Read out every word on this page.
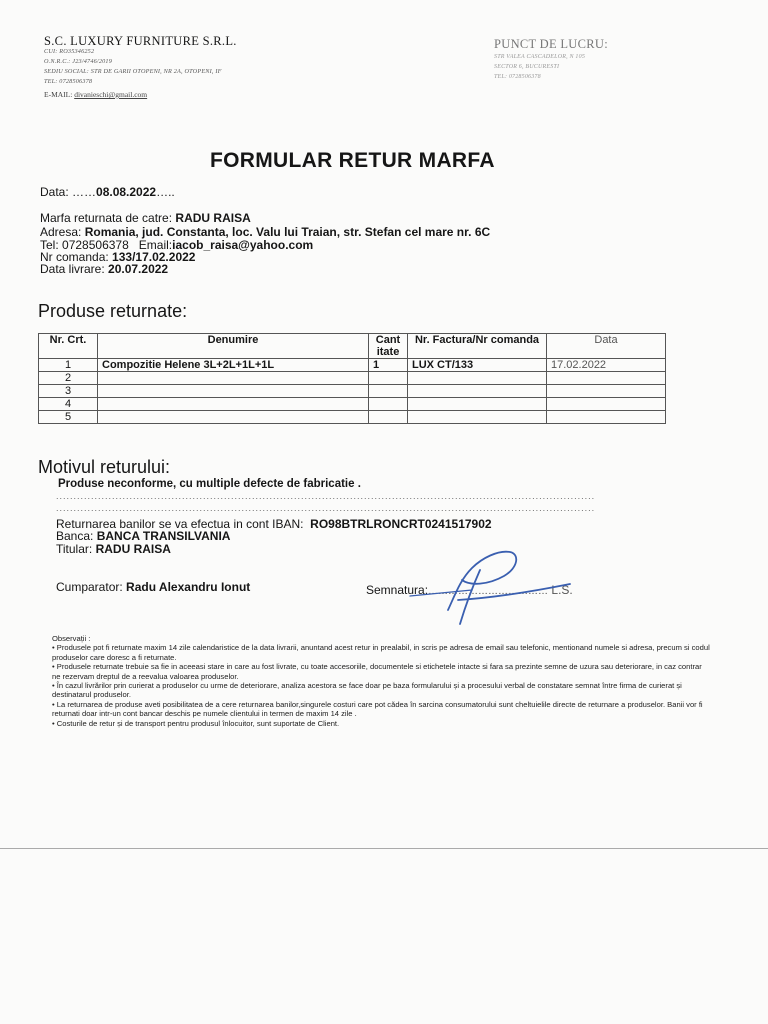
S.C. LUXURY FURNITURE S.R.L.
CUI: RO35346252
O.N.R.C.: J23/4746/2019
SEDIU SOCIAL: STR DE GARII OTOPENI, NR 2A, OTOPENI, IF
TEL: 0728506378
E-MAIL: divanieschi@gmail.com
PUNCT DE LUCRU:
STR VALEA CASCADELOR, N 105
SECTOR 6, BUCURESTI
TEL: 0728506378
FORMULAR RETUR MARFA
Data: ……08.08.2022…..
Marfa returnata de catre: RADU RAISA
Adresa: Romania, jud. Constanta, loc. Valu lui Traian, str. Stefan cel mare nr. 6C
Tel: 0728506378 Email:iacob_raisa@yahoo.com
Nr comanda: 133/17.02.2022
Data livrare: 20.07.2022
Produse returnate:
Nr. Crt.	Denumire	Cant itate	Nr. Factura/Nr comanda	Data
1	Compozitie Helene 3L+2L+1L+1L	1	LUX CT/133	17.02.2022
2				
3				
4				
5				
Motivul returului:
Produse neconforme, cu multiple defecte de fabricatie .
..........................................................................................................................................................
..........................................................................................................................................................
Returnarea banilor se va efectua in cont IBAN: RO98BTRLRONCRT0241517902
Banca: BANCA TRANSILVANIA
Titular: RADU RAISA
Cumparator: Radu Alexandru Ionut	Semnatura:……………………………… L.S.

Observații :

• Produsele pot fi returnate maxim 14 zile calendaristice de la data livrarii, anuntand acest retur in prealabil, in scris pe adresa de email sau telefonic, mentionand numele si adresa, precum si codul produselor care doresc a fi returnate.

• Produsele returnate trebuie sa fie in aceeasi stare in care au fost livrate, cu toate accesoriile, documentele si etichetele intacte si fara sa prezinte semne de uzura sau deteriorare, in caz contrar ne rezervam dreptul de a reevalua valoarea produselor.

• În cazul livrărilor prin curierat a produselor cu urme de deteriorare, analiza acestora se face doar pe baza formularului și a procesului verbal de constatare semnat între firma de curierat și destinatarul produselor.

• La returnarea de produse aveti posibilitatea de a cere returnarea banilor,singurele costuri care pot cădea în sarcina consumatorului sunt cheltuielile directe de returnare a produselor. Banii vor fi returnati doar intr-un cont bancar deschis pe numele clientului in termen de maxim 14 zile .

• Costurile de retur și de transport pentru produsul înlocuitor, sunt suportate de Client.
